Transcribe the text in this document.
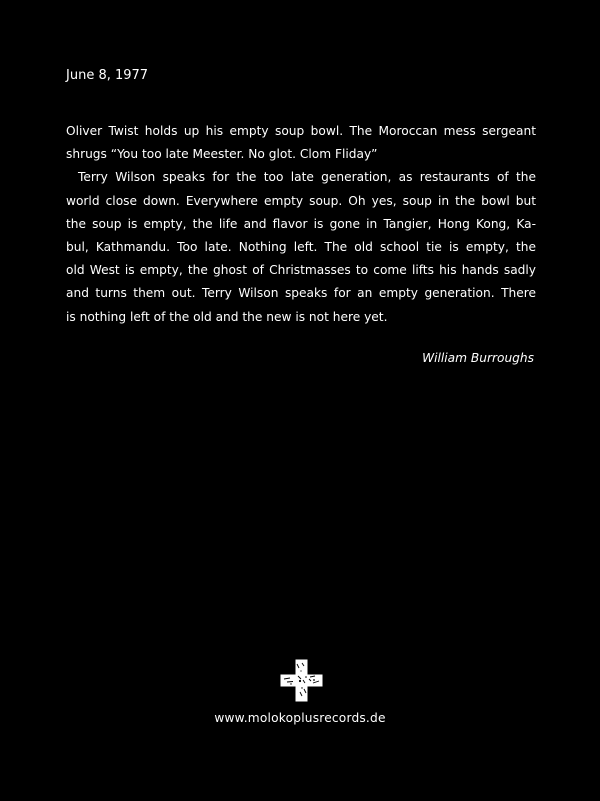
June 8, 1977

Oliver Twist holds up his empty soup bowl. The Moroccan mess sergeant
shrugs “You too late Meester. No glot. Clom Fliday”

Terry Wilson speaks for the too late generation, as restaurants of the
world close down. Everywhere empty soup. Oh yes, soup in the bowl but
the soup is empty, the life and flavor is gone in Tangier, Hong Kong, Ka-
bul, Kathmandu. Too late. Nothing left. The old school tie is empty, the
old West is empty, the ghost of Christmasses to come lifts his hands sadly
and turns them out. Terry Wilson speaks for an empty generation. There
is nothing left of the old and the new is not here yet.

William Burroughs
www.molokoplusrecords.de
